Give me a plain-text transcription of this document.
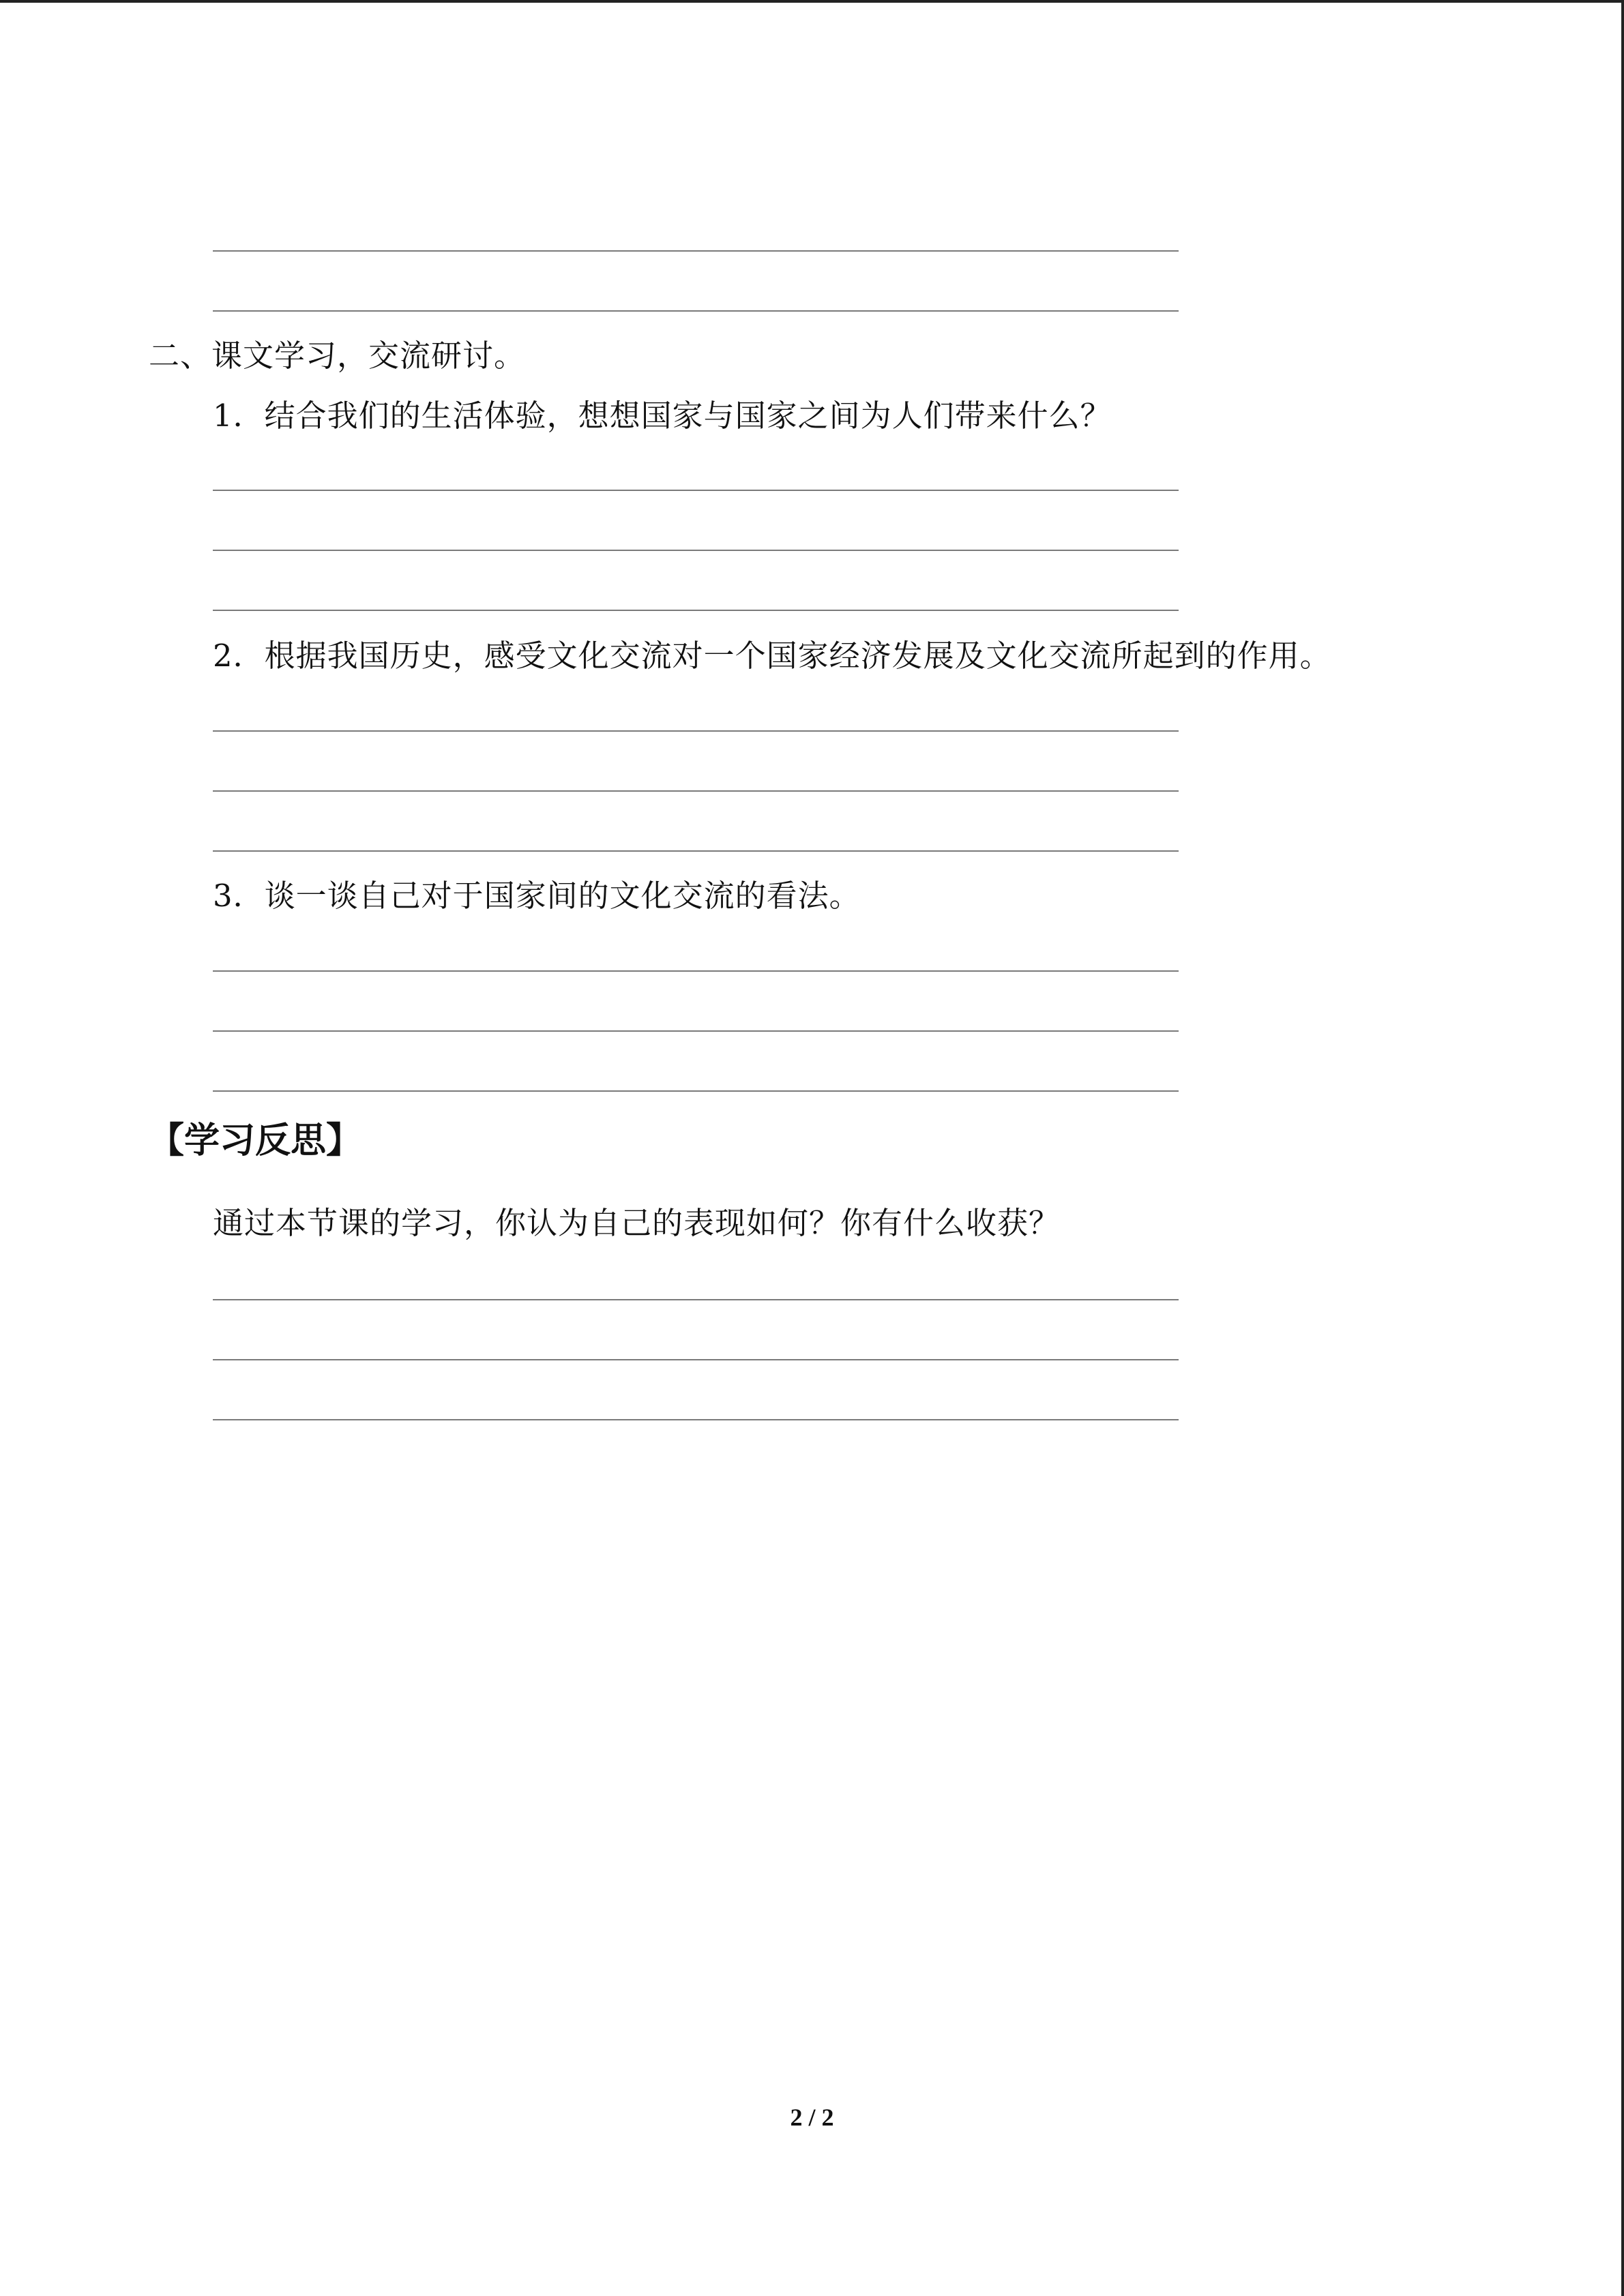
二、课文学习，交流研讨。
1．结合我们的生活体验，想想国家与国家之间为人们带来什么？
2．根据我国历史，感受文化交流对一个国家经济发展及文化交流所起到的作用。
3．谈一谈自己对于国家间的文化交流的看法。
【学习反思】
通过本节课的学习，你认为自己的表现如何？你有什么收获？
2 / 2
